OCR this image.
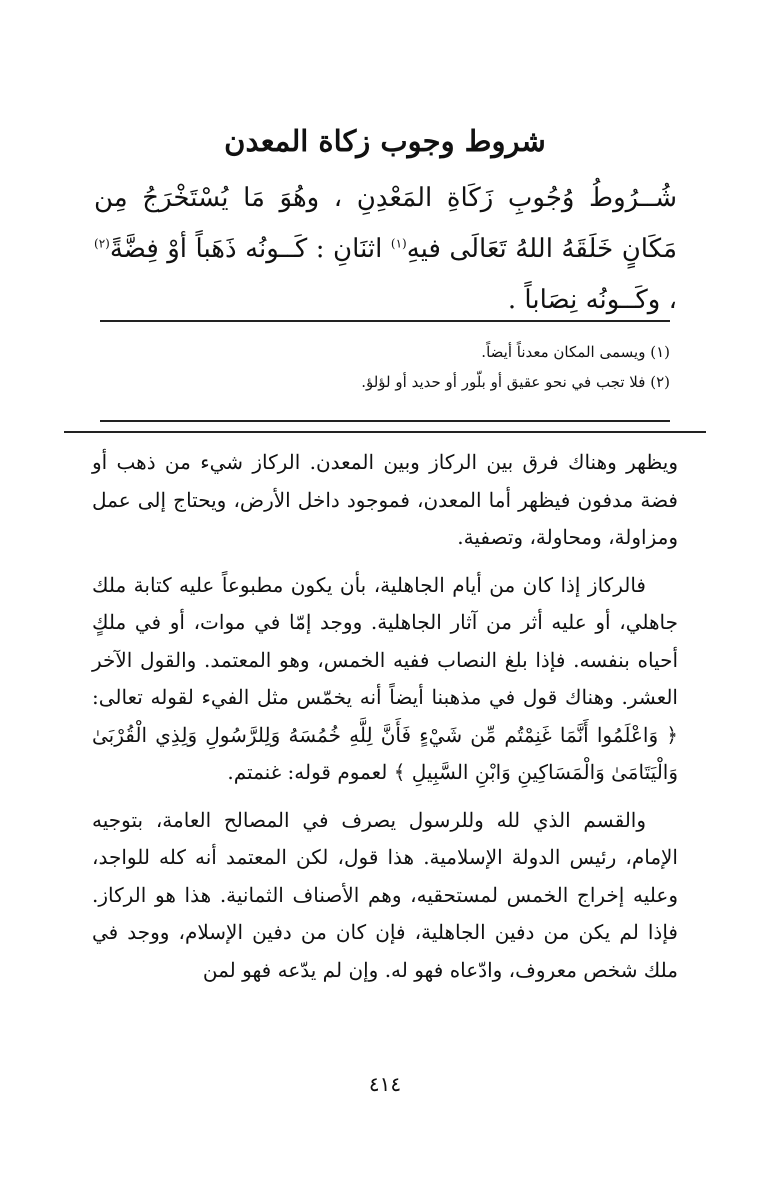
شروط وجوب زكاة المعدن
شُــرُوطُ وُجُوبِ زَكَاةِ المَعْدِنِ ، وهُوَ مَا يُسْتَخْرَجُ مِن مَكَانٍ خَلَقَهُ اللهُ تَعَالَى فيهِ$^{(١)}$ اثنَانِ : كَــونُه ذَهَباً أوْ فِضَّةً$^{(٢)}$ ، وكَــونُه نِصَاباً .
(١) ويسمى المكان معدناً أيضاً.
(٢) فلا تجب في نحو عقيق أو بلّور أو حديد أو لؤلؤ.

ويظهر وهناك فرق بين الركاز وبين المعدن. الركاز شيء من ذهب أو فضة مدفون فيظهر أما المعدن، فموجود داخل الأرض، ويحتاج إلى عمل ومزاولة، ومحاولة، وتصفية.

فالركاز إذا كان من أيام الجاهلية، بأن يكون مطبوعاً عليه كتابة ملك جاهلي، أو عليه أثر من آثار الجاهلية. ووجد إمّا في موات، أو في ملكٍ أحياه بنفسه. فإذا بلغ النصاب ففيه الخمس، وهو المعتمد. والقول الآخر العشر. وهناك قول في مذهبنا أيضاً أنه يخمّس مثل الفيء لقوله تعالى: ﴿ وَاعْلَمُوا أَنَّمَا غَنِمْتُم مِّن شَيْءٍ فَأَنَّ لِلَّهِ خُمُسَهُ وَلِلرَّسُولِ وَلِذِي الْقُرْبَىٰ وَالْيَتَامَىٰ وَالْمَسَاكِينِ وَابْنِ السَّبِيلِ ﴾ لعموم قوله: غنمتم.

والقسم الذي لله وللرسول يصرف في المصالح العامة، بتوجيه الإمام، رئيس الدولة الإسلامية. هذا قول، لكن المعتمد أنه كله للواجد، وعليه إخراج الخمس لمستحقيه، وهم الأصناف الثمانية. هذا هو الركاز. فإذا لم يكن من دفين الجاهلية، فإن كان من دفين الإسلام، ووجد في ملك شخص معروف، وادّعاه فهو له. وإن لم يدّعه فهو لمن

٤١٤
